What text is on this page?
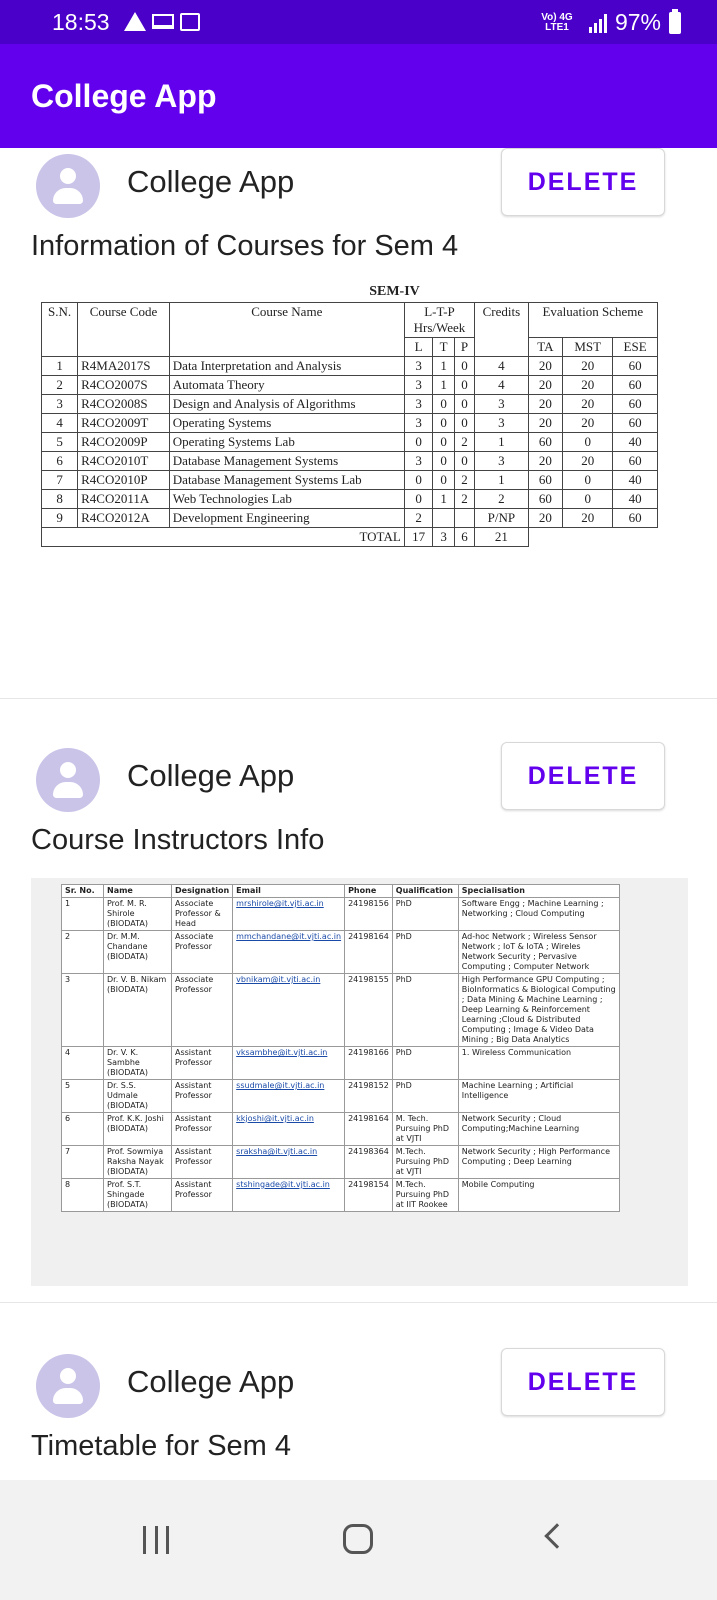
18:53	Vo) 4G LTE1	97%
College App
College App	DELETE
Information of Courses for Sem 4
SEM-IV
S.N.	Course Code	Course Name	L-T-P
Hrs/Week			Credits	Evaluation Scheme		
			L	T	P		TA	MST	ESE
1	R4MA2017S	Data Interpretation and Analysis	3	1	0	4	20	20	60
2	R4CO2007S	Automata Theory	3	1	0	4	20	20	60
3	R4CO2008S	Design and Analysis of Algorithms	3	0	0	3	20	20	60
4	R4CO2009T	Operating Systems	3	0	0	3	20	20	60
5	R4CO2009P	Operating Systems Lab	0	0	2	1	60	0	40
6	R4CO2010T	Database Management Systems	3	0	0	3	20	20	60
7	R4CO2010P	Database Management Systems Lab	0	0	2	1	60	0	40
8	R4CO2011A	Web Technologies Lab	0	1	2	2	60	0	40
9	R4CO2012A	Development Engineering	2			P/NP	20	20	60
TOTAL			17	3	6	21			
College App	DELETE
Course Instructors Info
Sr. No.	Name	Designation	Email	Phone	Qualification	Specialisation
1	Prof. M. R. Shirole (BIODATA)	Associate Professor & Head	mrshirole@it.vjti.ac.in	24198156	PhD	Software Engg ; Machine Learning ; Networking ; Cloud Computing
2	Dr. M.M. Chandane (BIODATA)	Associate Professor	mmchandane@it.vjti.ac.in	24198164	PhD	Ad-hoc Network ; Wireless Sensor Network ; IoT & IoTA ; Wireles Network Security ; Pervasive Computing ; Computer Network
3	Dr. V. B. Nikam (BIODATA)	Associate Professor	vbnikam@it.vjti.ac.in	24198155	PhD	High Performance GPU Computing ; BioInformatics & Biological Computing ; Data Mining & Machine Learning ; Deep Learning & Reinforcement Learning ;Cloud & Distributed Computing ; Image & Video Data Mining ; Big Data Analytics
4	Dr. V. K. Sambhe (BIODATA)	Assistant Professor	vksambhe@it.vjti.ac.in	24198166	PhD	1. Wireless Communication
5	Dr. S.S. Udmale (BIODATA)	Assistant Professor	ssudmale@it.vjti.ac.in	24198152	PhD	Machine Learning ; Artificial Intelligence
6	Prof. K.K. Joshi (BIODATA)	Assistant Professor	kkjoshi@it.vjti.ac.in	24198164	M. Tech. Pursuing PhD at VJTI	Network Security ; Cloud Computing;Machine Learning
7	Prof. Sowmiya Raksha Nayak (BIODATA)	Assistant Professor	sraksha@it.vjti.ac.in	24198364	M.Tech. Pursuing PhD at VJTI	Network Security ; High Performance Computing ; Deep Learning
8	Prof. S.T. Shingade (BIODATA)	Assistant Professor	stshingade@it.vjti.ac.in	24198154	M.Tech. Pursuing PhD at IIT Rookee	Mobile Computing
College App	DELETE
Timetable for Sem 4
